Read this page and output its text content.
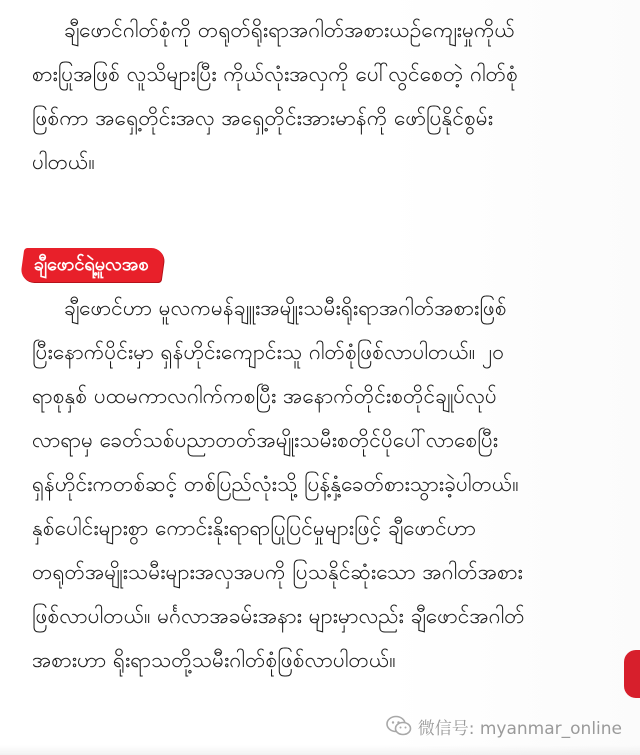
ချီဖောင်ဂါတ်စုံကို တရုတ်ရိုးရာအဂါတ်အစားယဉ်ကျေးမှုကိုယ်
စားပြုအဖြစ် လူသိများပြီး ကိုယ်လုံးအလှကို ပေါ်လွင်စေတဲ့ ဂါတ်စုံ
ဖြစ်ကာ အရှေ့တိုင်းအလှ အရှေ့တိုင်းအားမာန်ကို ဖော်ပြနိုင်စွမ်း
ပါတယ်။
ချီဖောင်ရဲ့မူလအစ
ချီဖောင်ဟာ မူလကမန်ချူးအမျိုးသမီးရိုးရာအဂါတ်အစားဖြစ်
ပြီးနောက်ပိုင်းမှာ ရှန်ဟိုင်းကျောင်းသူ ဂါတ်စုံဖြစ်လာပါတယ်။ ၂၀
ရာစုနှစ် ပထမကာလဂါက်ကစပြီး အနောက်တိုင်းစတိုင်ချုပ်လုပ်
လာရာမှ ခေတ်သစ်ပညာတတ်အမျိုးသမီးစတိုင်ပိုပေါ်လာစေပြီး
ရှန်ဟိုင်းကတစ်ဆင့် တစ်ပြည်လုံးသို့ ပြန့်နှံ့ခေတ်စားသွားခဲ့ပါတယ်။
နှစ်ပေါင်းများစွာ ကောင်းနိုးရာရာပြုပြင်မှုများဖြင့် ချီဖောင်ဟာ
တရုတ်အမျိုးသမီးများအလှအပကို ပြသနိုင်ဆုံးသော အဂါတ်အစား
ဖြစ်လာပါတယ်။ မင်္ဂလာအခမ်းအနား များမှာလည်း ချီဖောင်အဂါတ်
အစားဟာ ရိုးရာသတို့သမီးဂါတ်စုံဖြစ်လာပါတယ်။
微信号: myanmar_online
